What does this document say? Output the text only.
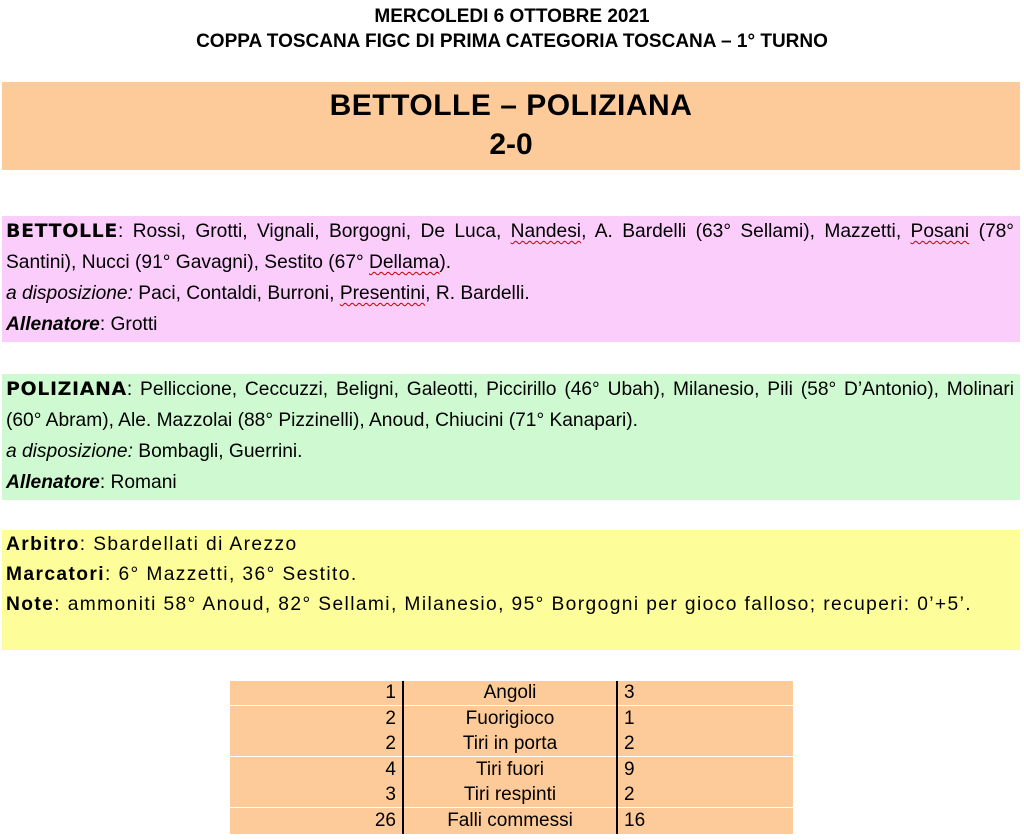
MERCOLEDI 6 OTTOBRE 2021
COPPA TOSCANA FIGC DI PRIMA CATEGORIA TOSCANA – 1° TURNO
BETTOLLE – POLIZIANA
2-0
BETTOLLE: Rossi, Grotti, Vignali, Borgogni, De Luca, Nandesi, A. Bardelli (63° Sellami), Mazzetti, Posani (78° Santini), Nucci (91° Gavagni), Sestito (67° Dellama).
a disposizione: Paci, Contaldi, Burroni, Presentini, R. Bardelli.
Allenatore: Grotti
POLIZIANA: Pelliccione, Ceccuzzi, Beligni, Galeotti, Piccirillo (46° Ubah), Milanesio, Pili (58° D’Antonio), Molinari (60° Abram), Ale. Mazzolai (88° Pizzinelli), Anoud, Chiucini (71° Kanapari).
a disposizione: Bombagli, Guerrini.
Allenatore: Romani
Arbitro: Sbardellati di Arezzo
Marcatori: 6° Mazzetti, 36° Sestito.
Note: ammoniti 58° Anoud, 82° Sellami, Milanesio, 95° Borgogni per gioco falloso; recuperi: 0’+5’.
1	Angoli	3
2	Fuorigioco	1
2	Tiri in porta	2
4	Tiri fuori	9
3	Tiri respinti	2
26	Falli commessi	16
